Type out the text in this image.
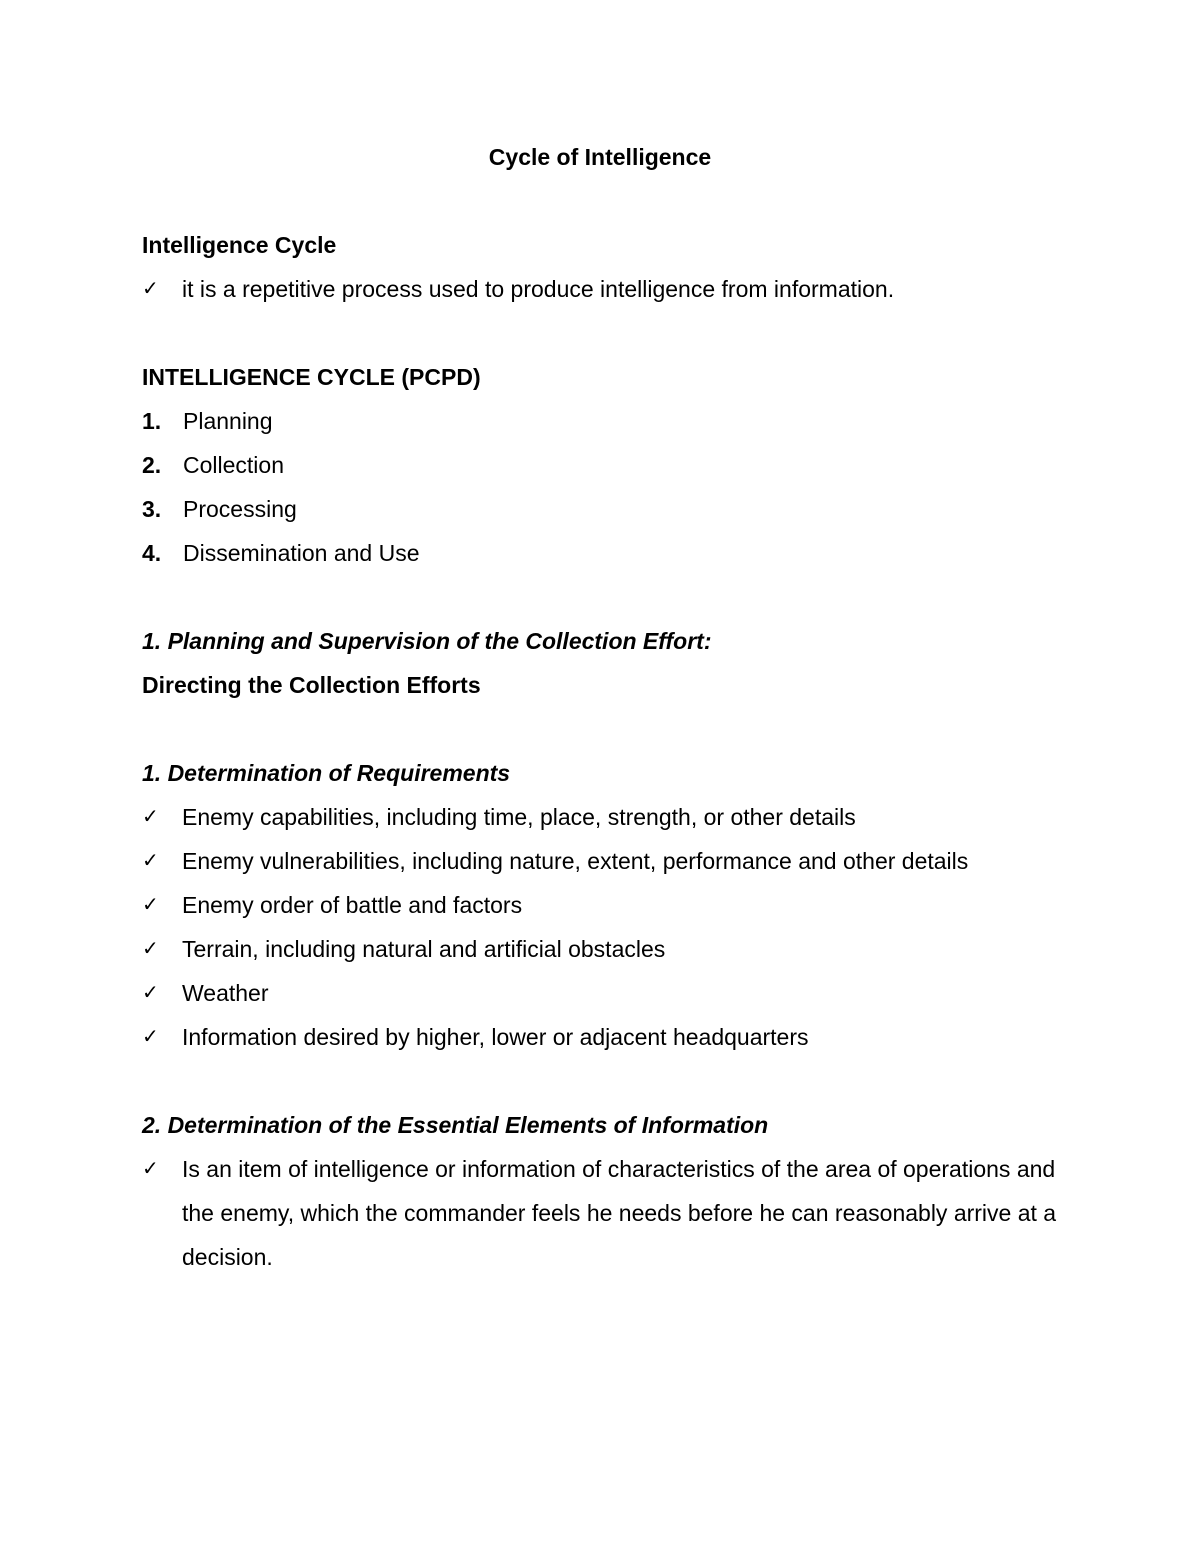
Cycle of Intelligence
Intelligence Cycle
✓	it is a repetitive process used to produce intelligence from information.
INTELLIGENCE CYCLE (PCPD)
1. Planning
2. Collection
3. Processing
4. Dissemination and Use
1. Planning and Supervision of the Collection Effort:
Directing the Collection Efforts
1. Determination of Requirements
✓	Enemy capabilities, including time, place, strength, or other details
✓	Enemy vulnerabilities, including nature, extent, performance and other details
✓	Enemy order of battle and factors
✓	Terrain, including natural and artificial obstacles
✓	Weather
✓	Information desired by higher, lower or adjacent headquarters
2. Determination of the Essential Elements of Information
✓	Is an item of intelligence or information of characteristics of the area of operations and the enemy, which the commander feels he needs before he can reasonably arrive at a decision.
